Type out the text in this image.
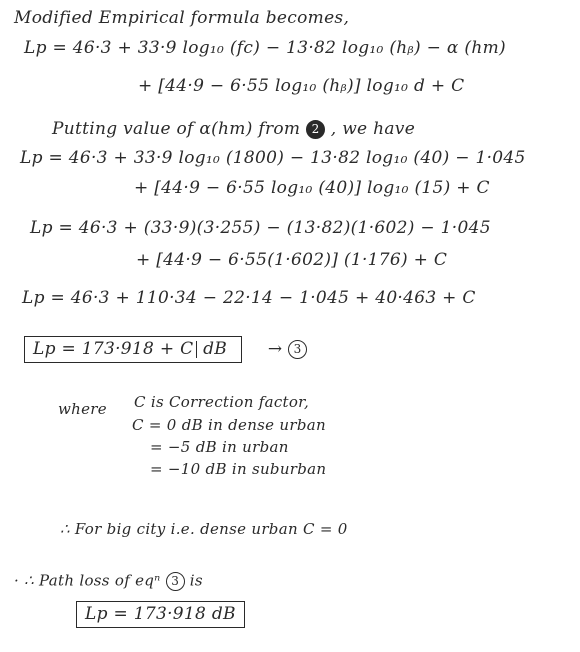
Modified Empirical formula becomes,
Lp = 46·3 + 33·9 log₁₀ (fc) − 13·82 log₁₀ (hᵦ) − α (hm)
+ [44·9 − 6·55 log₁₀ (hᵦ)] log₁₀ d + C
Putting value of α(hm) from 2 , we have
Lp = 46·3 + 33·9 log₁₀ (1800) − 13·82 log₁₀ (40) − 1·045
+ [44·9 − 6·55 log₁₀ (40)] log₁₀ (15) + C
Lp = 46·3 + (33·9)(3·255) − (13·82)(1·602) − 1·045
+ [44·9 − 6·55(1·602)] (1·176) + C
Lp = 46·3 + 110·34 − 22·14 − 1·045 + 40·463 + C
Lp = 173·918 + C dB → 3
where C is Correction factor,
C = 0 dB in dense urban
= −5 dB in urban
= −10 dB in suburban
∴ For big city i.e. dense urban C = 0
· ∴ Path loss of eqⁿ 3 is
Lp = 173·918 dB
